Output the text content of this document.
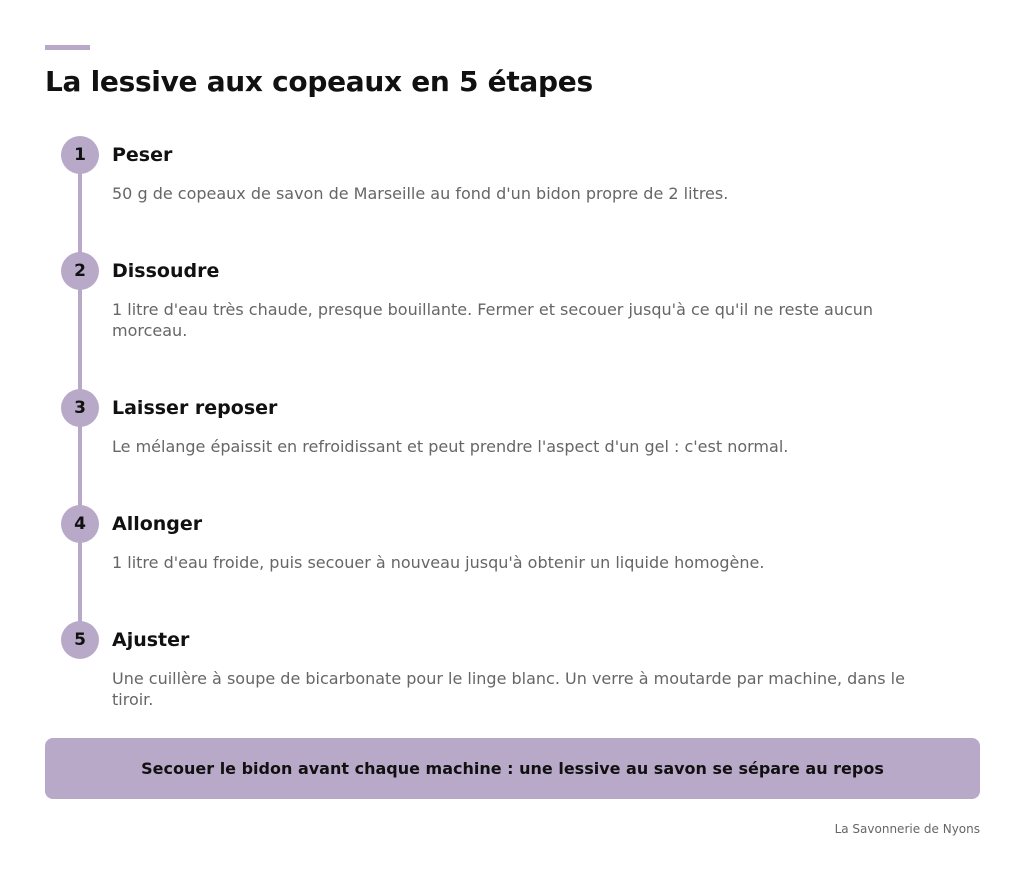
La lessive aux copeaux en 5 étapes
1	Peser
50 g de copeaux de savon de Marseille au fond d'un bidon propre de 2 litres.
2	Dissoudre
1 litre d'eau très chaude, presque bouillante. Fermer et secouer jusqu'à ce qu'il ne reste aucun morceau.
3	Laisser reposer
Le mélange épaissit en refroidissant et peut prendre l'aspect d'un gel : c'est normal.
4	Allonger
1 litre d'eau froide, puis secouer à nouveau jusqu'à obtenir un liquide homogène.
5	Ajuster
Une cuillère à soupe de bicarbonate pour le linge blanc. Un verre à moutarde par machine, dans le tiroir.
Secouer le bidon avant chaque machine : une lessive au savon se sépare au repos
La Savonnerie de Nyons
